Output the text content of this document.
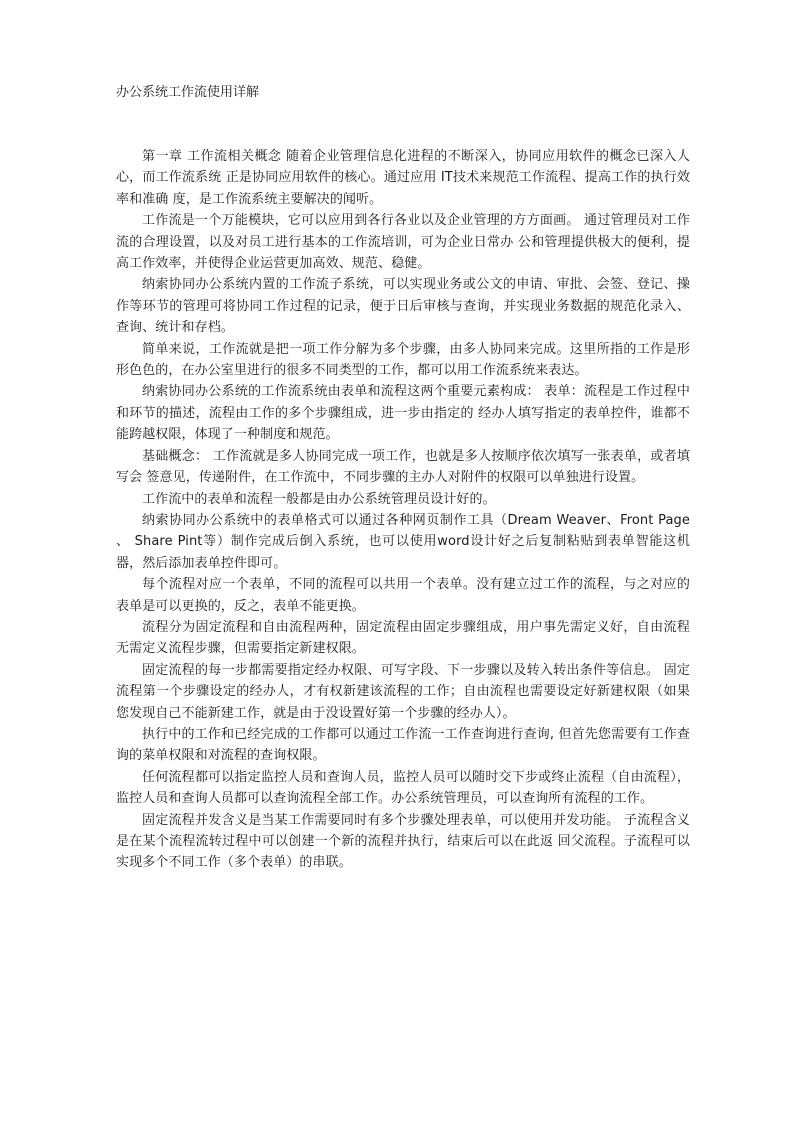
办公系统工作流使用详解

第一章 工作流相关概念 随着企业管理信息化进程的不断深入，协同应用软件的概念已深入人心，而工作流系统 正是协同应用软件的核心。通过应用 IT技术来规范工作流程、提高工作的执行效率和准确 度，是工作流系统主要解决的闻听。

工作流是一个万能模块，它可以应用到各行各业以及企业管理的方方面画。 通过管理员对工作流的合理设置，以及对员工进行基本的工作流培训，可为企业日常办 公和管理提供极大的便利，提高工作效率，并使得企业运营更加高效、规范、稳健。

纳索协同办公系统内置的工作流子系统，可以实现业务或公文的申请、审批、会签、登记、操作等环节的管理可将协同工作过程的记录，便于日后审核与查询，并实现业务数据的规范化录入、查询、统计和存档。

简单来说，工作流就是把一项工作分解为多个步骤，由多人协同来完成。这里所指的工作是形形色色的，在办公室里进行的很多不同类型的工作，都可以用工作流系统来表达。

纳索协同办公系统的工作流系统由表单和流程这两个重要元素构成： 表单：流程是工作过程中和环节的描述，流程由工作的多个步骤组成，进一步由指定的 经办人填写指定的表单控件，谁都不能跨越权限，体现了一种制度和规范。

基础概念： 工作流就是多人协同完成一项工作，也就是多人按顺序依次填写一张表单，或者填写会 签意见，传递附件，在工作流中，不同步骤的主办人对附件的权限可以单独进行设置。

工作流中的表单和流程一般都是由办公系统管理员设计好的。

纳索协同办公系统中的表单格式可以通过各种网页制作工具（Dream Weaver、Front Page 、 Share Pint等）制作完成后倒入系统，也可以使用word设计好之后复制粘贴到表单智能这机器，然后添加表单控件即可。

每个流程对应一个表单，不同的流程可以共用一个表单。没有建立过工作的流程，与之对应的表单是可以更换的，反之，表单不能更换。

流程分为固定流程和自由流程两种，固定流程由固定步骤组成，用户事先需定义好，自由流程无需定义流程步骤，但需要指定新建权限。

固定流程的每一步都需要指定经办权限、可写字段、下一步骤以及转入转出条件等信息。 固定流程第一个步骤设定的经办人，才有权新建该流程的工作；自由流程也需要设定好新建权限（如果您发现自己不能新建工作，就是由于没设置好第一个步骤的经办人）。

执行中的工作和已经完成的工作都可以通过工作流一工作查询进行查询, 但首先您需要有工作查询的菜单权限和对流程的查询权限。

任何流程都可以指定监控人员和查询人员，监控人员可以随时交下步或终止流程（自由流程），监控人员和查询人员都可以查询流程全部工作。办公系统管理员，可以查询所有流程的工作。

固定流程并发含义是当某工作需要同时有多个步骤处理表单，可以使用并发功能。 子流程含义是在某个流程流转过程中可以创建一个新的流程并执行，结束后可以在此返 回父流程。子流程可以实现多个不同工作（多个表单）的串联。
